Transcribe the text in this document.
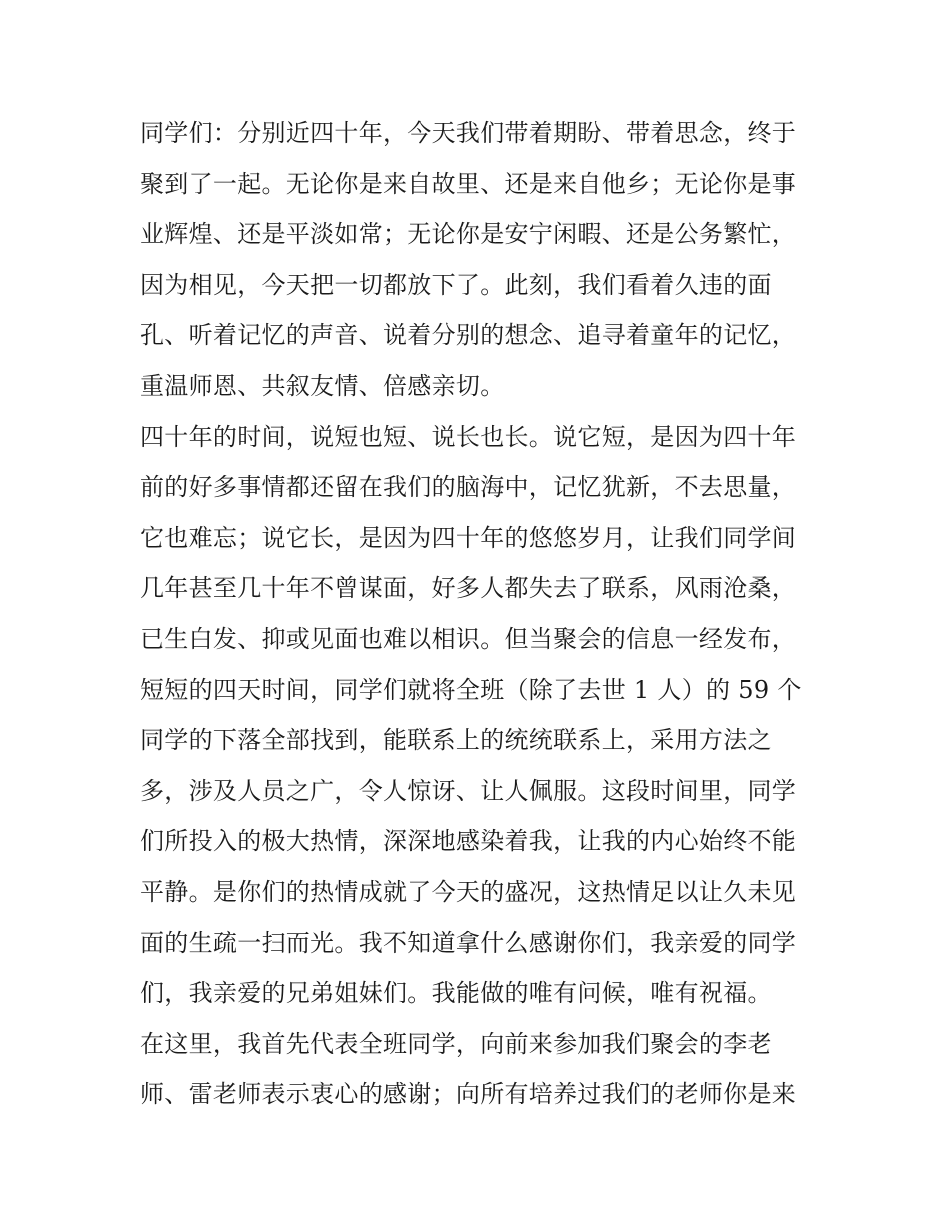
同学们：分别近四十年，今天我们带着期盼、带着思念，终于
聚到了一起。无论你是来自故里、还是来自他乡；无论你是事
业辉煌、还是平淡如常；无论你是安宁闲暇、还是公务繁忙，
因为相见，今天把一切都放下了。此刻，我们看着久违的面
孔、听着记忆的声音、说着分别的想念、追寻着童年的记忆，
重温师恩、共叙友情、倍感亲切。
四十年的时间，说短也短、说长也长。说它短，是因为四十年
前的好多事情都还留在我们的脑海中，记忆犹新，不去思量，
它也难忘；说它长，是因为四十年的悠悠岁月，让我们同学间
几年甚至几十年不曾谋面，好多人都失去了联系，风雨沧桑，
已生白发、抑或见面也难以相识。但当聚会的信息一经发布，
短短的四天时间，同学们就将全班（除了去世 1 人）的 59 个
同学的下落全部找到，能联系上的统统联系上，采用方法之
多，涉及人员之广，令人惊讶、让人佩服。这段时间里，同学
们所投入的极大热情，深深地感染着我，让我的内心始终不能
平静。是你们的热情成就了今天的盛况，这热情足以让久未见
面的生疏一扫而光。我不知道拿什么感谢你们，我亲爱的同学
们，我亲爱的兄弟姐妹们。我能做的唯有问候，唯有祝福。
在这里，我首先代表全班同学，向前来参加我们聚会的李老
师、雷老师表示衷心的感谢；向所有培养过我们的老师你是来
